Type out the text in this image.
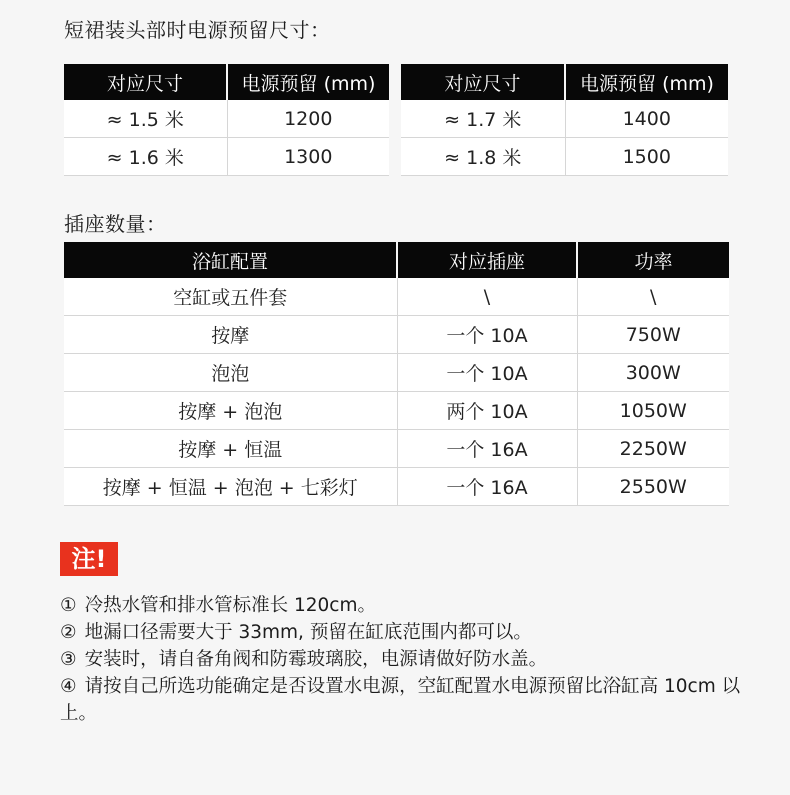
短裙装头部时电源预留尺寸：
对应尺寸	电源预留 (mm)
≈ 1.5 米	1200
≈ 1.6 米	1300
对应尺寸	电源预留 (mm)
≈ 1.7 米	1400
≈ 1.8 米	1500
插座数量：
浴缸配置	对应插座	功率
空缸或五件套	\	\
按摩	一个 10A	750W
泡泡	一个 10A	300W
按摩 + 泡泡	两个 10A	1050W
按摩 + 恒温	一个 16A	2250W
按摩 + 恒温 + 泡泡 + 七彩灯	一个 16A	2550W
注!

① 冷热水管和排水管标准长 120cm。

② 地漏口径需要大于 33mm, 预留在缸底范围内都可以。

③ 安装时，请自备角阀和防霉玻璃胶，电源请做好防水盖。

④ 请按自己所选功能确定是否设置水电源，空缸配置水电源预留比浴缸高 10cm 以上。
